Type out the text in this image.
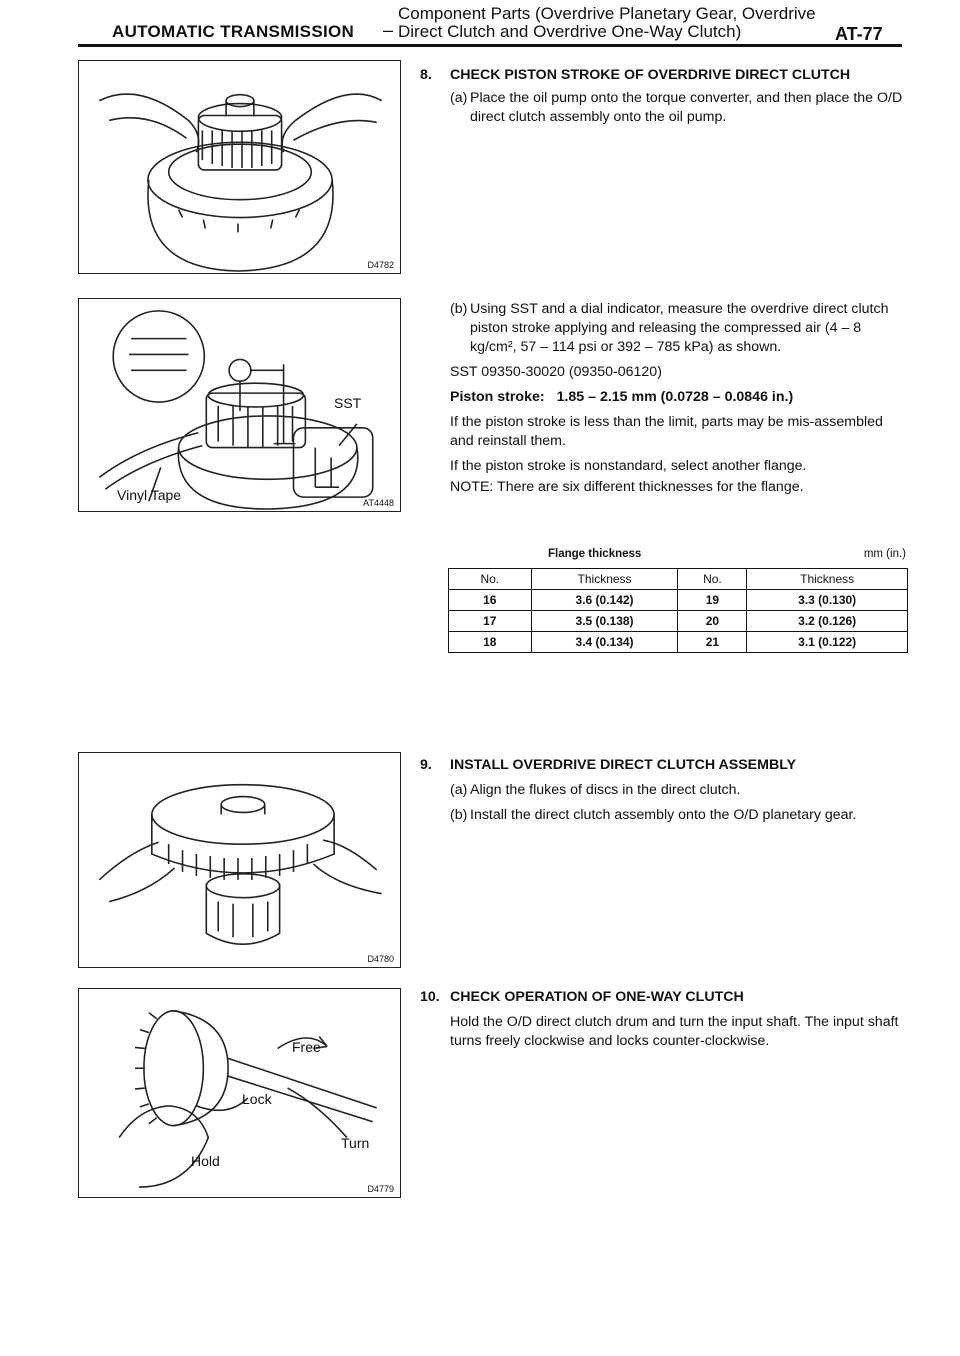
AUTOMATIC TRANSMISSION –
Component Parts (Overdrive Planetary Gear, Overdrive
Direct Clutch and Overdrive One-Way Clutch)	AT-77
D4782
SST
Vinyl Tape	AT4448
D4780
Free
Lock
Turn
Hold
D4779
8.	CHECK PISTON STROKE OF OVERDRIVE DIRECT CLUTCH
(a) Place the oil pump onto the torque converter, and then place the O/D direct clutch assembly onto the oil pump.
(b) Using SST and a dial indicator, measure the overdrive direct clutch piston stroke applying and releasing the compressed air (4 – 8 kg/cm², 57 – 114 psi or 392 – 785 kPa) as shown.
SST 09350-30020 (09350-06120)
Piston stroke: 1.85 – 2.15 mm (0.0728 – 0.0846 in.)
If the piston stroke is less than the limit, parts may be mis-assembled and reinstall them.
If the piston stroke is nonstandard, select another flange.
NOTE: There are six different thicknesses for the flange.
Flange thickness	mm (in.)
No.	Thickness	No.	Thickness
16	3.6 (0.142)	19	3.3 (0.130)
17	3.5 (0.138)	20	3.2 (0.126)
18	3.4 (0.134)	21	3.1 (0.122)
9.	INSTALL OVERDRIVE DIRECT CLUTCH ASSEMBLY
(a) Align the flukes of discs in the direct clutch.
(b) Install the direct clutch assembly onto the O/D planetary gear.
10. CHECK OPERATION OF ONE-WAY CLUTCH
Hold the O/D direct clutch drum and turn the input shaft. The input shaft turns freely clockwise and locks counter-clockwise.
